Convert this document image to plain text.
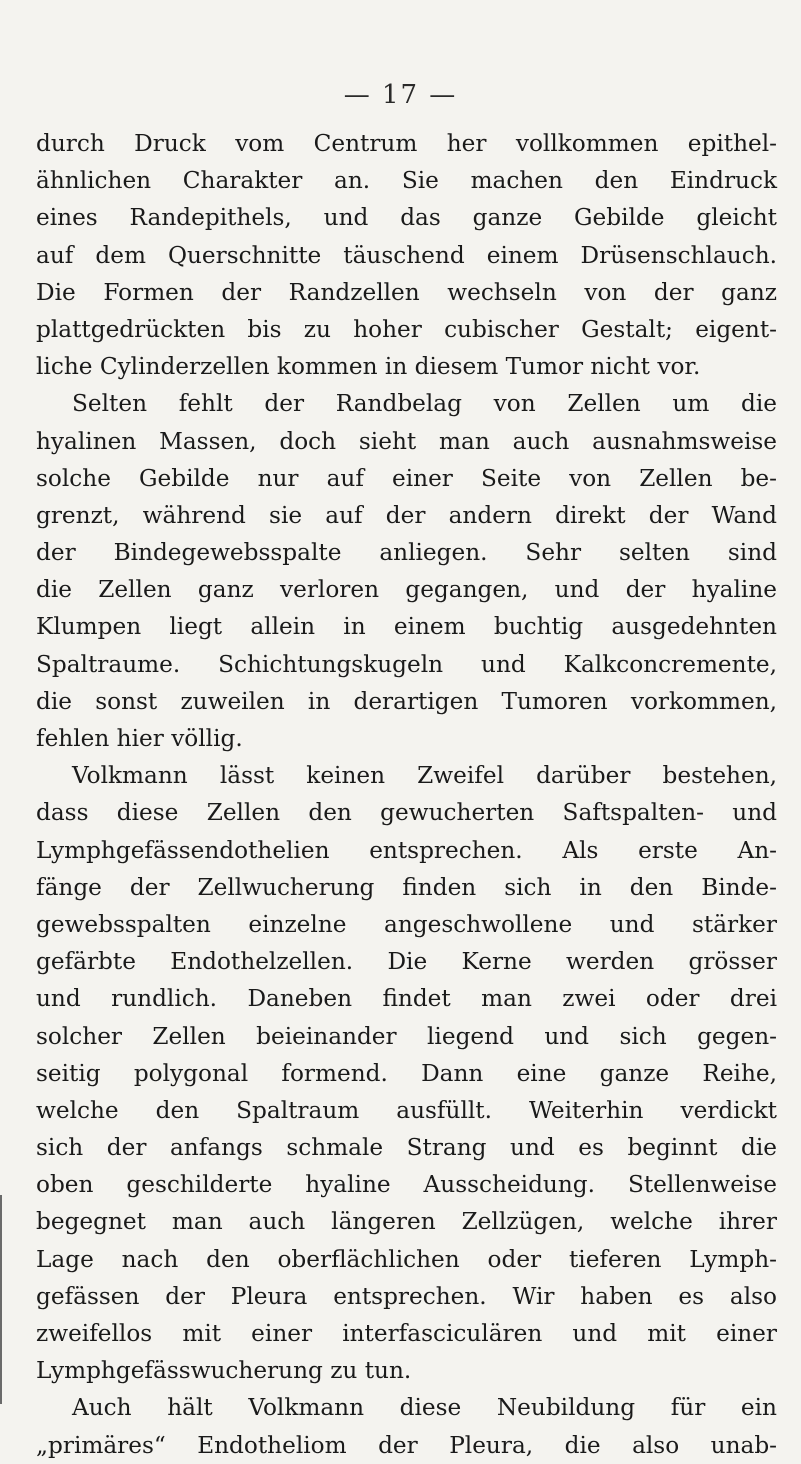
— 17 —
durch Druck vom Centrum her vollkommen epithel-
ähnlichen Charakter an. Sie machen den Eindruck
eines Randepithels, und das ganze Gebilde gleicht
auf dem Querschnitte täuschend einem Drüsenschlauch.
Die Formen der Randzellen wechseln von der ganz
plattgedrückten bis zu hoher cubischer Gestalt; eigent-
liche Cylinderzellen kommen in diesem Tumor nicht vor.
Selten fehlt der Randbelag von Zellen um die
hyalinen Massen, doch sieht man auch ausnahmsweise
solche Gebilde nur auf einer Seite von Zellen be-
grenzt, während sie auf der andern direkt der Wand
der Bindegewebsspalte anliegen. Sehr selten sind
die Zellen ganz verloren gegangen, und der hyaline
Klumpen liegt allein in einem buchtig ausgedehnten
Spaltraume. Schichtungskugeln und Kalkconcremente,
die sonst zuweilen in derartigen Tumoren vorkommen,
fehlen hier völlig.
Volkmann lässt keinen Zweifel darüber bestehen,
dass diese Zellen den gewucherten Saftspalten- und
Lymphgefässendothelien entsprechen. Als erste An-
fänge der Zellwucherung finden sich in den Binde-
gewebsspalten einzelne angeschwollene und stärker
gefärbte Endothelzellen. Die Kerne werden grösser
und rundlich. Daneben findet man zwei oder drei
solcher Zellen beieinander liegend und sich gegen-
seitig polygonal formend. Dann eine ganze Reihe,
welche den Spaltraum ausfüllt. Weiterhin verdickt
sich der anfangs schmale Strang und es beginnt die
oben geschilderte hyaline Ausscheidung. Stellenweise
begegnet man auch längeren Zellzügen, welche ihrer
Lage nach den oberflächlichen oder tieferen Lymph-
gefässen der Pleura entsprechen. Wir haben es also
zweifellos mit einer interfasciculären und mit einer
Lymphgefässwucherung zu tun.
Auch hält Volkmann diese Neubildung für ein
„primäres“ Endotheliom der Pleura, die also unab-
